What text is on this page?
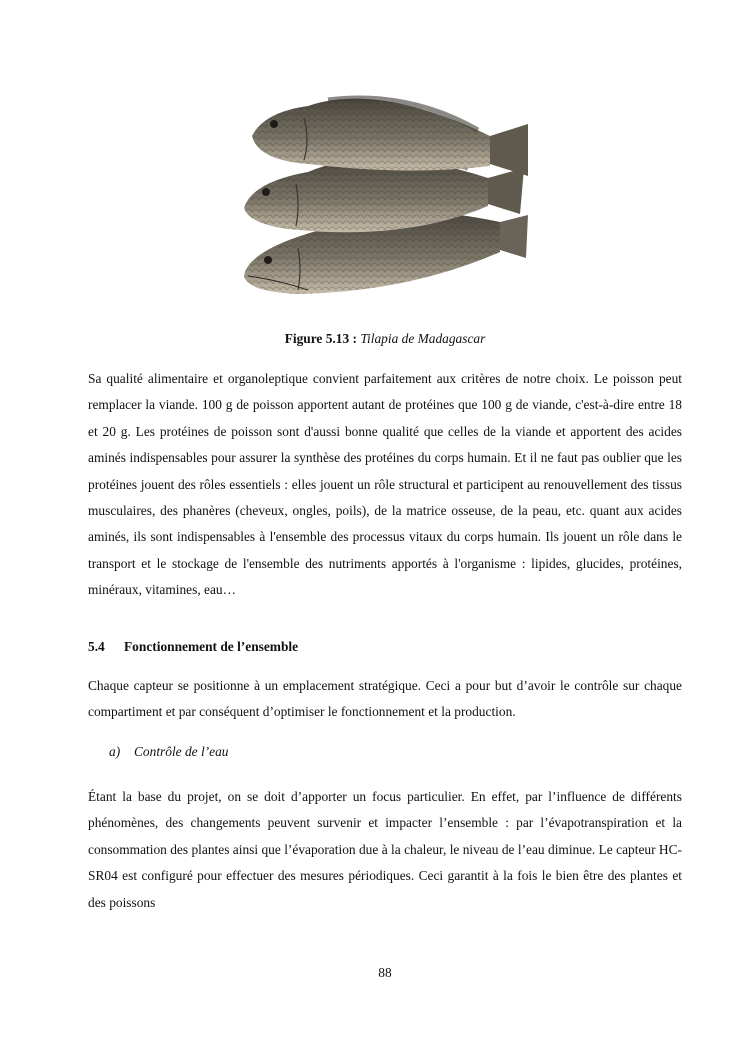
Figure 5.13 : Tilapia de Madagascar

Sa qualité alimentaire et organoleptique convient parfaitement aux critères de notre choix. Le poisson peut remplacer la viande. 100 g de poisson apportent autant de protéines que 100 g de viande, c'est-à-dire entre 18 et 20 g. Les protéines de poisson sont d'aussi bonne qualité que celles de la viande et apportent des acides aminés indispensables pour assurer la synthèse des protéines du corps humain. Et il ne faut pas oublier que les protéines jouent des rôles essentiels : elles jouent un rôle structural et participent au renouvellement des tissus musculaires, des phanères (cheveux, ongles, poils), de la matrice osseuse, de la peau, etc. quant aux acides aminés, ils sont indispensables à l'ensemble des processus vitaux du corps humain. Ils jouent un rôle dans le transport et le stockage de l'ensemble des nutriments apportés à l'organisme : lipides, glucides, protéines, minéraux, vitamines, eau…

5.4 Fonctionnement de l’ensemble

Chaque capteur se positionne à un emplacement stratégique. Ceci a pour but d’avoir le contrôle sur chaque compartiment et par conséquent d’optimiser le fonctionnement et la production.

a) Contrôle de l’eau

Étant la base du projet, on se doit d’apporter un focus particulier. En effet, par l’influence de différents phénomènes, des changements peuvent survenir et impacter l’ensemble : par l’évapotranspiration et la consommation des plantes ainsi que l’évaporation due à la chaleur, le niveau de l’eau diminue. Le capteur HC-SR04 est configuré pour effectuer des mesures périodiques. Ceci garantit à la fois le bien être des plantes et des poissons

88
